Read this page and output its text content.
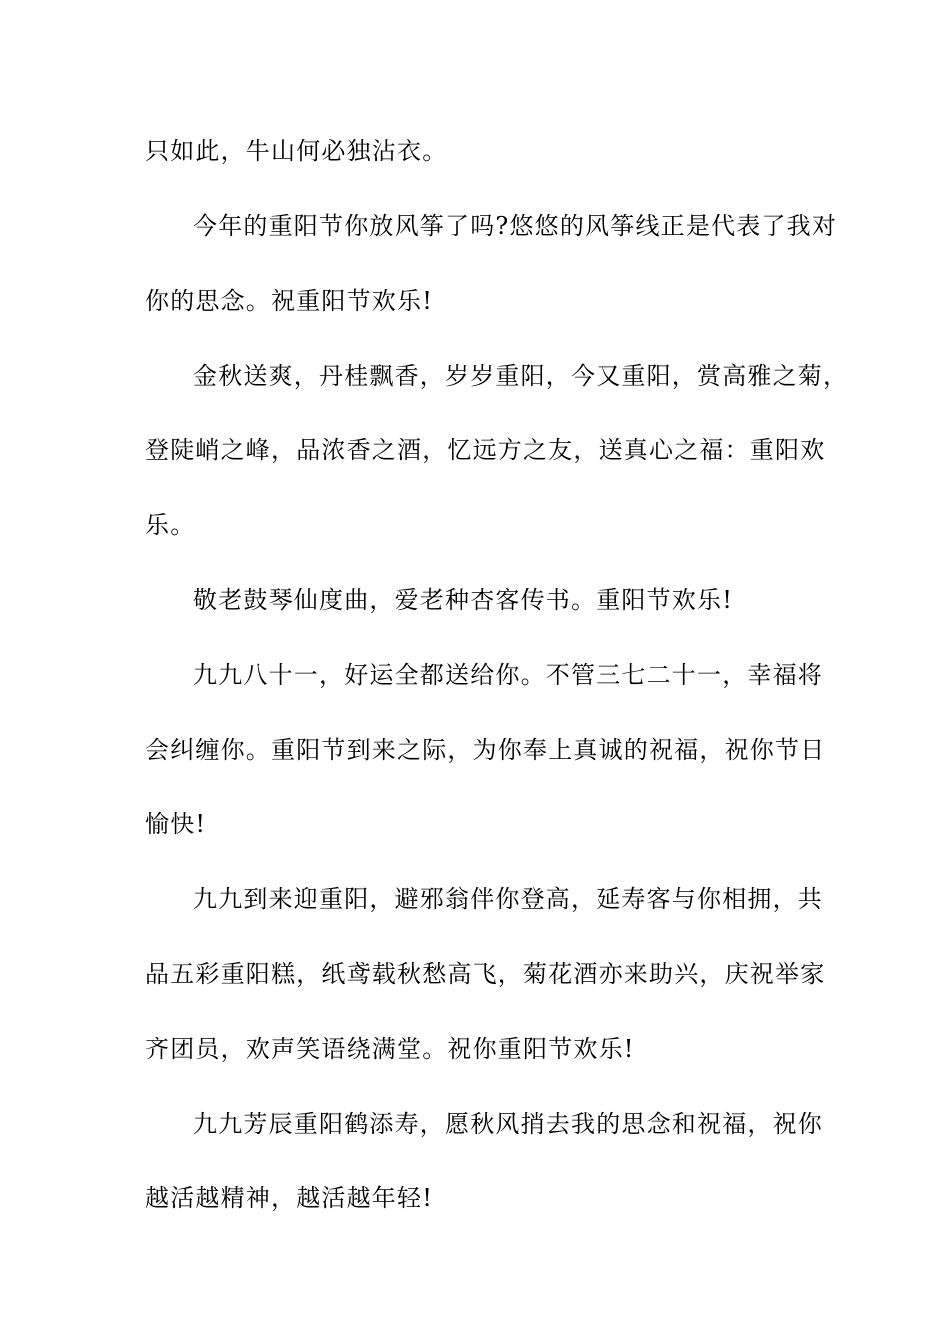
只如此，牛山何必独沾衣。
今年的重阳节你放风筝了吗?悠悠的风筝线正是代表了我对
你的思念。祝重阳节欢乐!
金秋送爽，丹桂飘香，岁岁重阳，今又重阳，赏高雅之菊，
登陡峭之峰，品浓香之酒，忆远方之友，送真心之福：重阳欢
乐。
敬老鼓琴仙度曲，爱老种杏客传书。重阳节欢乐!
九九八十一，好运全都送给你。不管三七二十一，幸福将
会纠缠你。重阳节到来之际，为你奉上真诚的祝福，祝你节日
愉快!
九九到来迎重阳，避邪翁伴你登高，延寿客与你相拥，共
品五彩重阳糕，纸鸢载秋愁高飞，菊花酒亦来助兴，庆祝举家
齐团员，欢声笑语绕满堂。祝你重阳节欢乐!
九九芳辰重阳鹤添寿，愿秋风捎去我的思念和祝福，祝你
越活越精神，越活越年轻!
